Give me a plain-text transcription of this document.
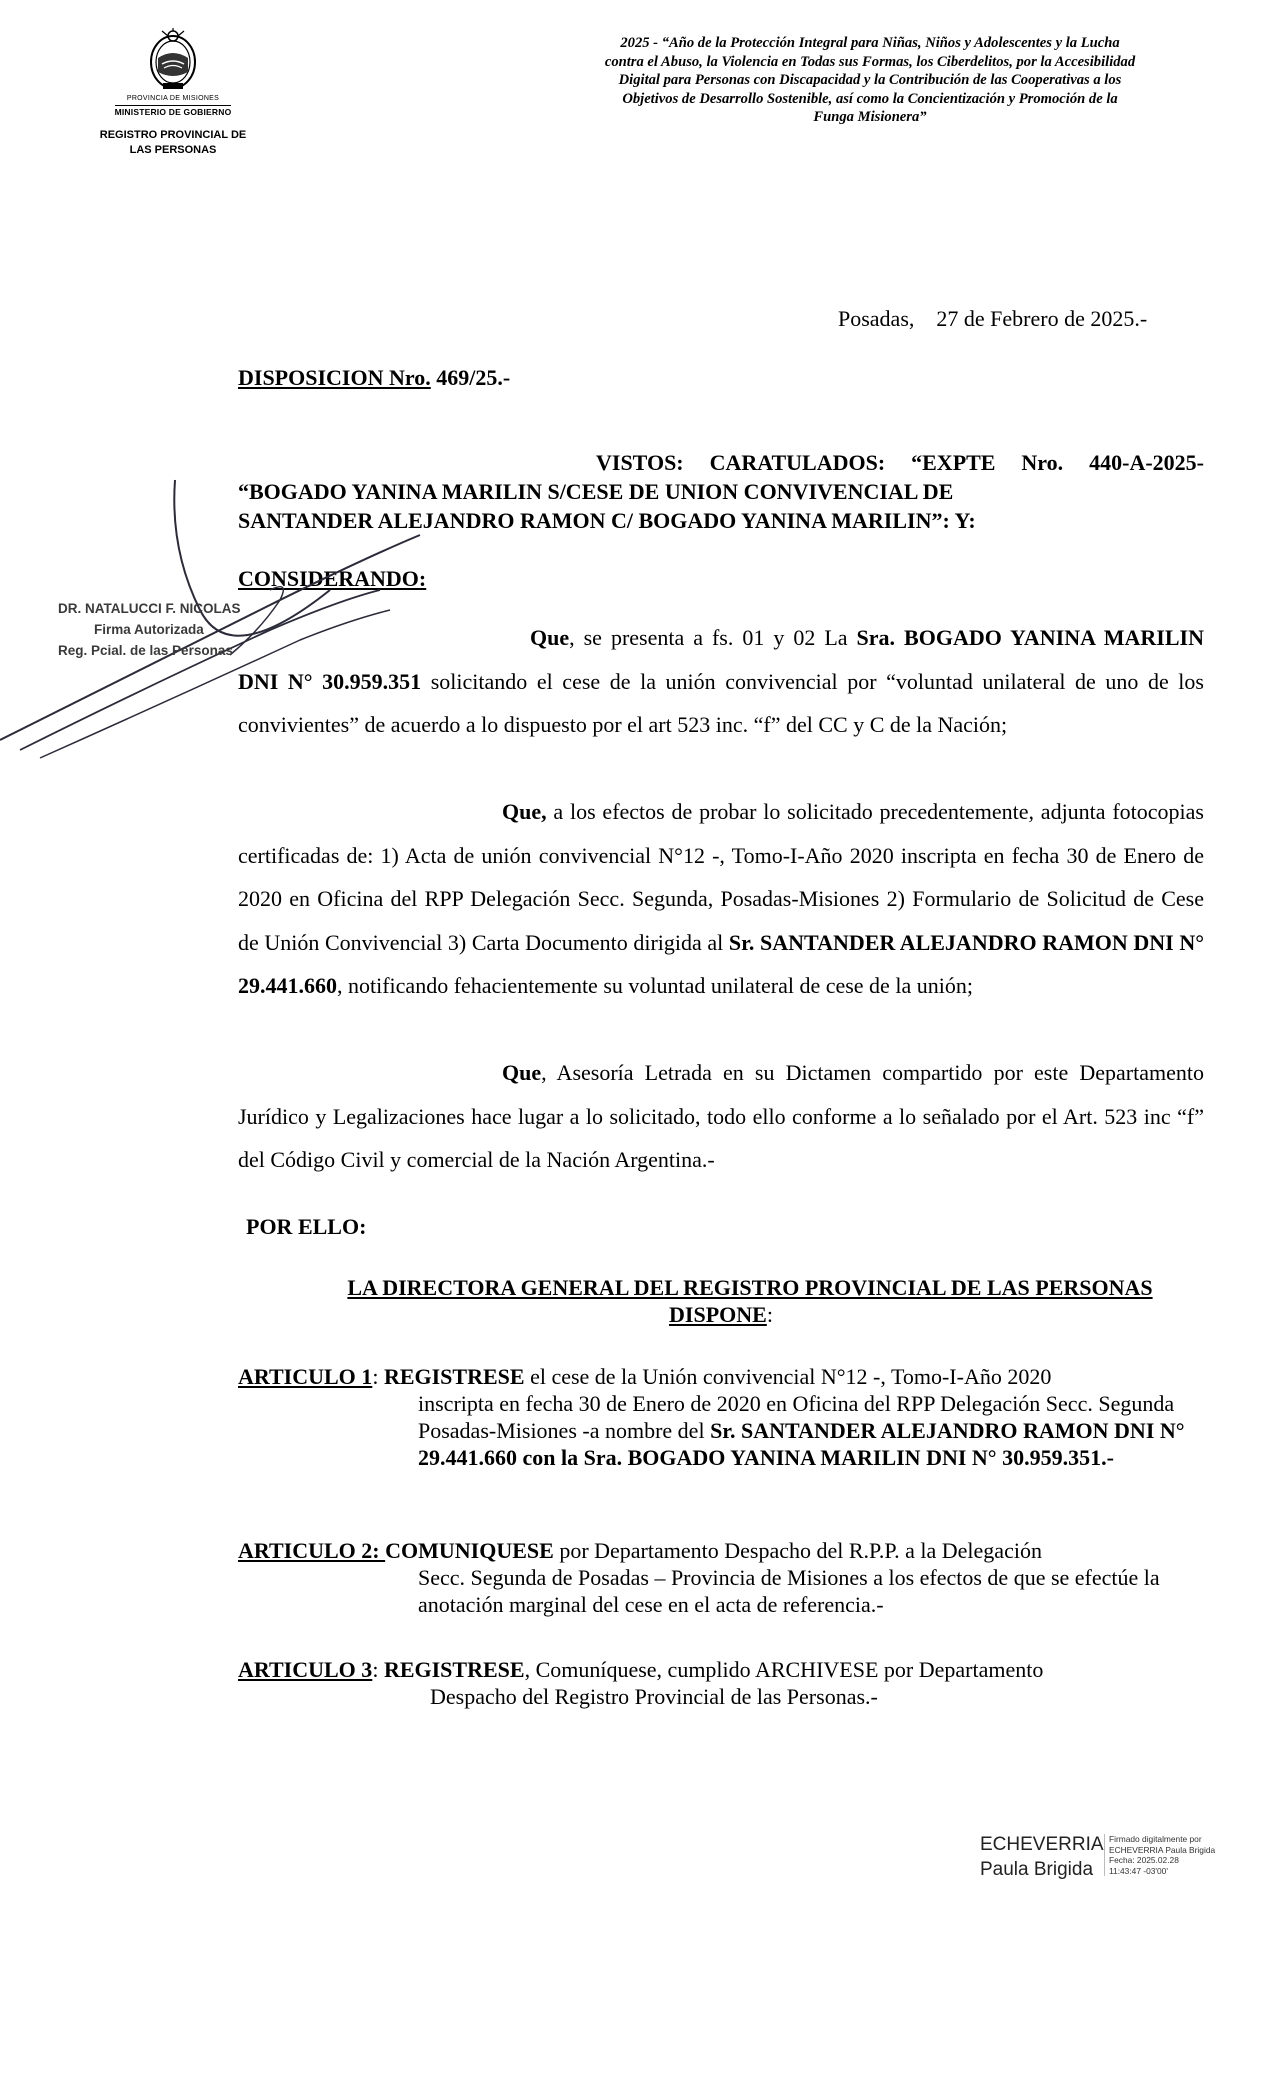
PROVINCIA DE MISIONES
MINISTERIO DE GOBIERNO
REGISTRO PROVINCIAL DE
LAS PERSONAS
2025 - “Año de la Protección Integral para Niñas, Niños y Adolescentes y la Lucha
contra el Abuso, la Violencia en Todas sus Formas, los Ciberdelitos, por la Accesibilidad
Digital para Personas con Discapacidad y la Contribución de las Cooperativas a los
Objetivos de Desarrollo Sostenible, así como la Concientización y Promoción de la
Funga Misionera”
Posadas,    27 de Febrero de 2025.-
DISPOSICION Nro. 469/25.-
VISTOS: CARATULADOS: “EXPTE Nro. 440-A-2025-
“BOGADO YANINA MARILIN S/CESE DE UNION CONVIVENCIAL DE
SANTANDER ALEJANDRO RAMON C/ BOGADO YANINA MARILIN”: Y:
CONSIDERANDO:
Que, se presenta a fs. 01 y 02 La Sra. BOGADO YANINA MARILIN DNI N° 30.959.351 solicitando el cese de la unión convivencial por “voluntad unilateral de uno de los convivientes” de acuerdo a lo dispuesto por el art 523 inc. “f” del CC y C de la Nación;
Que, a los efectos de probar lo solicitado precedentemente, adjunta fotocopias certificadas de: 1) Acta de unión convivencial N°12 -, Tomo-I-Año 2020 inscripta en fecha 30 de Enero de 2020 en Oficina del RPP Delegación Secc. Segunda, Posadas-Misiones 2) Formulario de Solicitud de Cese de Unión Convivencial 3) Carta Documento dirigida al Sr. SANTANDER ALEJANDRO RAMON DNI N° 29.441.660, notificando fehacientemente su voluntad unilateral de cese de la unión;
Que, Asesoría Letrada en su Dictamen compartido por este Departamento Jurídico y Legalizaciones hace lugar a lo solicitado, todo ello conforme a lo señalado por el Art. 523 inc “f” del Código Civil y comercial de la Nación Argentina.-
POR ELLO:
LA DIRECTORA GENERAL DEL REGISTRO PROVINCIAL DE LAS PERSONAS
DISPONE:
ARTICULO 1: REGISTRESE el cese de la Unión convivencial N°12 -, Tomo-I-Año 2020
inscripta en fecha 30 de Enero de 2020 en Oficina del RPP Delegación Secc. Segunda Posadas-Misiones -a nombre del Sr. SANTANDER ALEJANDRO RAMON DNI N° 29.441.660 con la Sra. BOGADO YANINA MARILIN DNI N° 30.959.351.-
ARTICULO 2: COMUNIQUESE por Departamento Despacho del R.P.P. a la Delegación
Secc. Segunda de Posadas – Provincia de Misiones a los efectos de que se efectúe la anotación marginal del cese en el acta de referencia.-
ARTICULO 3: REGISTRESE, Comuníquese, cumplido ARCHIVESE por Departamento
Despacho del Registro Provincial de las Personas.-
DR. NATALUCCI F. NICOLAS
Firma Autorizada
Reg. Pcial. de las Personas
ECHEVERRIA
Paula Brigida
Firmado digitalmente por
ECHEVERRIA Paula Brigida
Fecha: 2025.02.28
11:43:47 -03'00'
